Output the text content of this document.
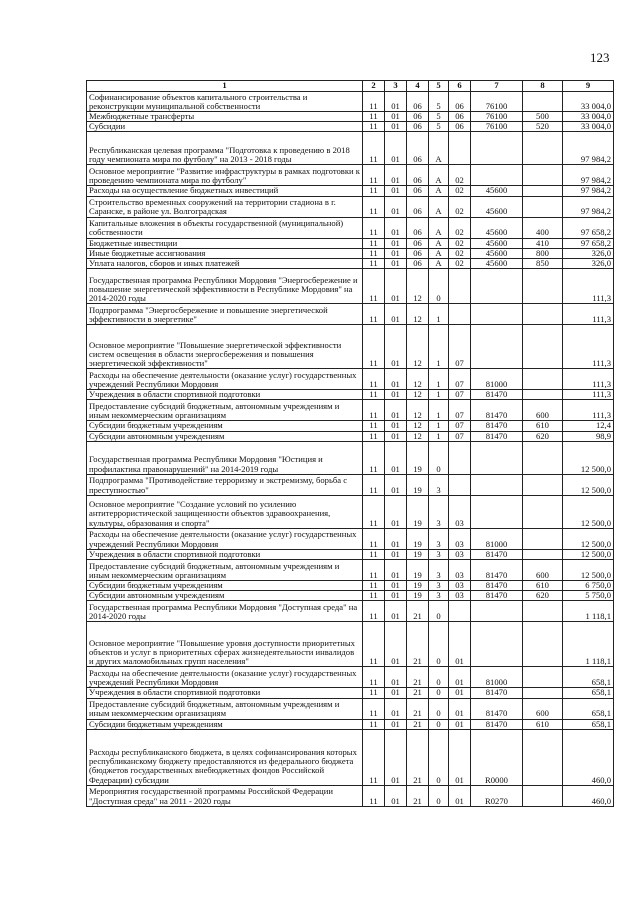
123
1	2	3	4	5	6	7	8	9
Софинансирование объектов капитального строительства и реконструкции муниципальной собственности	11	01	06	5	06	76100		33 004,0
Межбюджетные трансферты	11	01	06	5	06	76100	500	33 004,0
Субсидии	11	01	06	5	06	76100	520	33 004,0
Республиканская целевая программа "Подготовка к проведению в 2018 году чемпионата мира по футболу" на 2013 - 2018 годы	11	01	06	А				97 984,2
Основное мероприятие "Развитие инфраструктуры в рамках подготовки к проведению чемпионата мира по футболу"	11	01	06	А	02			97 984,2
Расходы на осуществление бюджетных инвестиций	11	01	06	А	02	45600		97 984,2
Строительство временных сооружений на территории стадиона в г. Саранске, в районе ул. Волгоградская	11	01	06	А	02	45600		97 984,2
Капитальные вложения в объекты государственной (муниципальной) собственности	11	01	06	А	02	45600	400	97 658,2
Бюджетные инвестиции	11	01	06	А	02	45600	410	97 658,2
Иные бюджетные ассигнования	11	01	06	А	02	45600	800	326,0
Уплата налогов, сборов и иных платежей	11	01	06	А	02	45600	850	326,0
Государственная программа Республики Мордовия "Энергосбережение и повышение энергетической эффективности в Республике Мордовия" на 2014-2020 годы	11	01	12	0				111,3
Подпрограмма "Энергосбережение и повышение энергетической эффективности в энергетике"	11	01	12	1				111,3
Основное мероприятие "Повышение энергетической эффективности систем освещения в области энергосбережения и повышения энергетической эффективности"	11	01	12	1	07			111,3
Расходы на обеспечение деятельности (оказание услуг) государственных учреждений Республики Мордовия	11	01	12	1	07	81000		111,3
Учреждения в области спортивной подготовки	11	01	12	1	07	81470		111,3
Предоставление субсидий бюджетным, автономным учреждениям и иным некоммерческим организациям	11	01	12	1	07	81470	600	111,3
Субсидии бюджетным учреждениям	11	01	12	1	07	81470	610	12,4
Субсидии автономным учреждениям	11	01	12	1	07	81470	620	98,9
Государственная программа Республики Мордовия "Юстиция и профилактика правонарушений" на 2014-2019 годы	11	01	19	0				12 500,0
Подпрограмма "Противодействие терроризму и экстремизму, борьба с преступностью"	11	01	19	3				12 500,0
Основное мероприятие "Создание условий по усилению антитеррористической защищенности объектов здравоохранения, культуры, образования и спорта"	11	01	19	3	03			12 500,0
Расходы на обеспечение деятельности (оказание услуг) государственных учреждений Республики Мордовия	11	01	19	3	03	81000		12 500,0
Учреждения в области спортивной подготовки	11	01	19	3	03	81470		12 500,0
Предоставление субсидий бюджетным, автономным учреждениям и иным некоммерческим организациям	11	01	19	3	03	81470	600	12 500,0
Субсидии бюджетным учреждениям	11	01	19	3	03	81470	610	6 750,0
Субсидии автономным учреждениям	11	01	19	3	03	81470	620	5 750,0
Государственная программа Республики Мордовия "Доступная среда" на 2014-2020 годы	11	01	21	0				1 118,1
Основное мероприятие "Повышение уровня доступности приоритетных объектов и услуг в приоритетных сферах жизнедеятельности инвалидов и других маломобильных групп населения"	11	01	21	0	01			1 118,1
Расходы на обеспечение деятельности (оказание услуг) государственных учреждений Республики Мордовия	11	01	21	0	01	81000		658,1
Учреждения в области спортивной подготовки	11	01	21	0	01	81470		658,1
Предоставление субсидий бюджетным, автономным учреждениям и иным некоммерческим организациям	11	01	21	0	01	81470	600	658,1
Субсидии бюджетным учреждениям	11	01	21	0	01	81470	610	658,1
Расходы республиканского бюджета, в целях софинансирования которых республиканскому бюджету предоставляются из федерального бюджета (бюджетов государственных внебюджетных фондов Российской Федерации) субсидии	11	01	21	0	01	R0000		460,0
Мероприятия государственной программы Российской Федерации "Доступная среда" на 2011 - 2020 годы	11	01	21	0	01	R0270		460,0
